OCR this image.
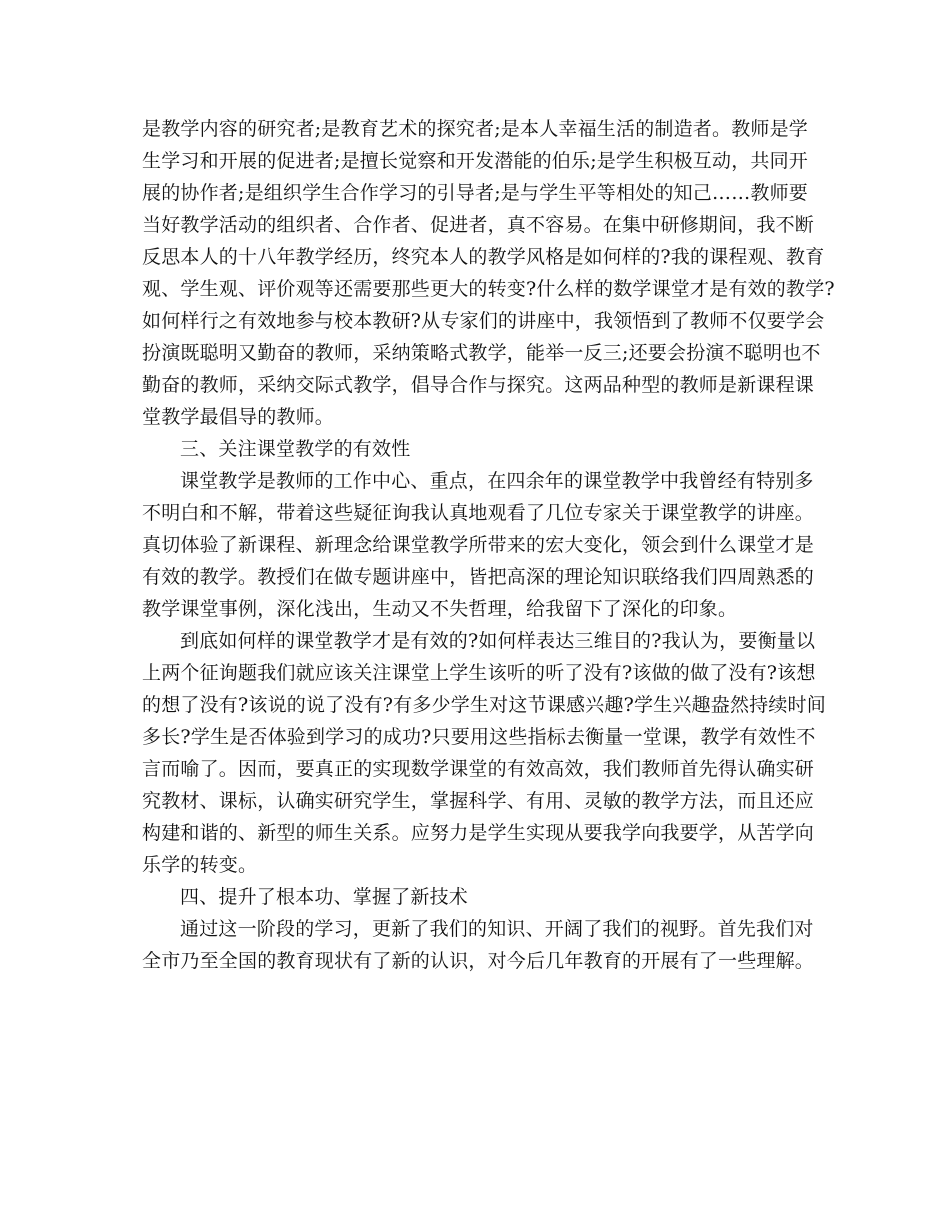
是教学内容的研究者;是教育艺术的探究者;是本人幸福生活的制造者。教师是学
生学习和开展的促进者;是擅长觉察和开发潜能的伯乐;是学生积极互动，共同开
展的协作者;是组织学生合作学习的引导者;是与学生平等相处的知己……教师要
当好教学活动的组织者、合作者、促进者，真不容易。在集中研修期间，我不断
反思本人的十八年教学经历，终究本人的教学风格是如何样的?我的课程观、教育
观、学生观、评价观等还需要那些更大的转变?什么样的数学课堂才是有效的教学?
如何样行之有效地参与校本教研?从专家们的讲座中，我领悟到了教师不仅要学会
扮演既聪明又勤奋的教师，采纳策略式教学，能举一反三;还要会扮演不聪明也不
勤奋的教师，采纳交际式教学，倡导合作与探究。这两品种型的教师是新课程课
堂教学最倡导的教师。
三、关注课堂教学的有效性
课堂教学是教师的工作中心、重点，在四余年的课堂教学中我曾经有特别多
不明白和不解，带着这些疑征询我认真地观看了几位专家关于课堂教学的讲座。
真切体验了新课程、新理念给课堂教学所带来的宏大变化，领会到什么课堂才是
有效的教学。教授们在做专题讲座中，皆把高深的理论知识联络我们四周熟悉的
教学课堂事例，深化浅出，生动又不失哲理，给我留下了深化的印象。
到底如何样的课堂教学才是有效的?如何样表达三维目的?我认为，要衡量以
上两个征询题我们就应该关注课堂上学生该听的听了没有?该做的做了没有?该想
的想了没有?该说的说了没有?有多少学生对这节课感兴趣?学生兴趣盎然持续时间
多长?学生是否体验到学习的成功?只要用这些指标去衡量一堂课，教学有效性不
言而喻了。因而，要真正的实现数学课堂的有效高效，我们教师首先得认确实研
究教材、课标，认确实研究学生，掌握科学、有用、灵敏的教学方法，而且还应
构建和谐的、新型的师生关系。应努力是学生实现从要我学向我要学，从苦学向
乐学的转变。
四、提升了根本功、掌握了新技术
通过这一阶段的学习，更新了我们的知识、开阔了我们的视野。首先我们对
全市乃至全国的教育现状有了新的认识，对今后几年教育的开展有了一些理解。
